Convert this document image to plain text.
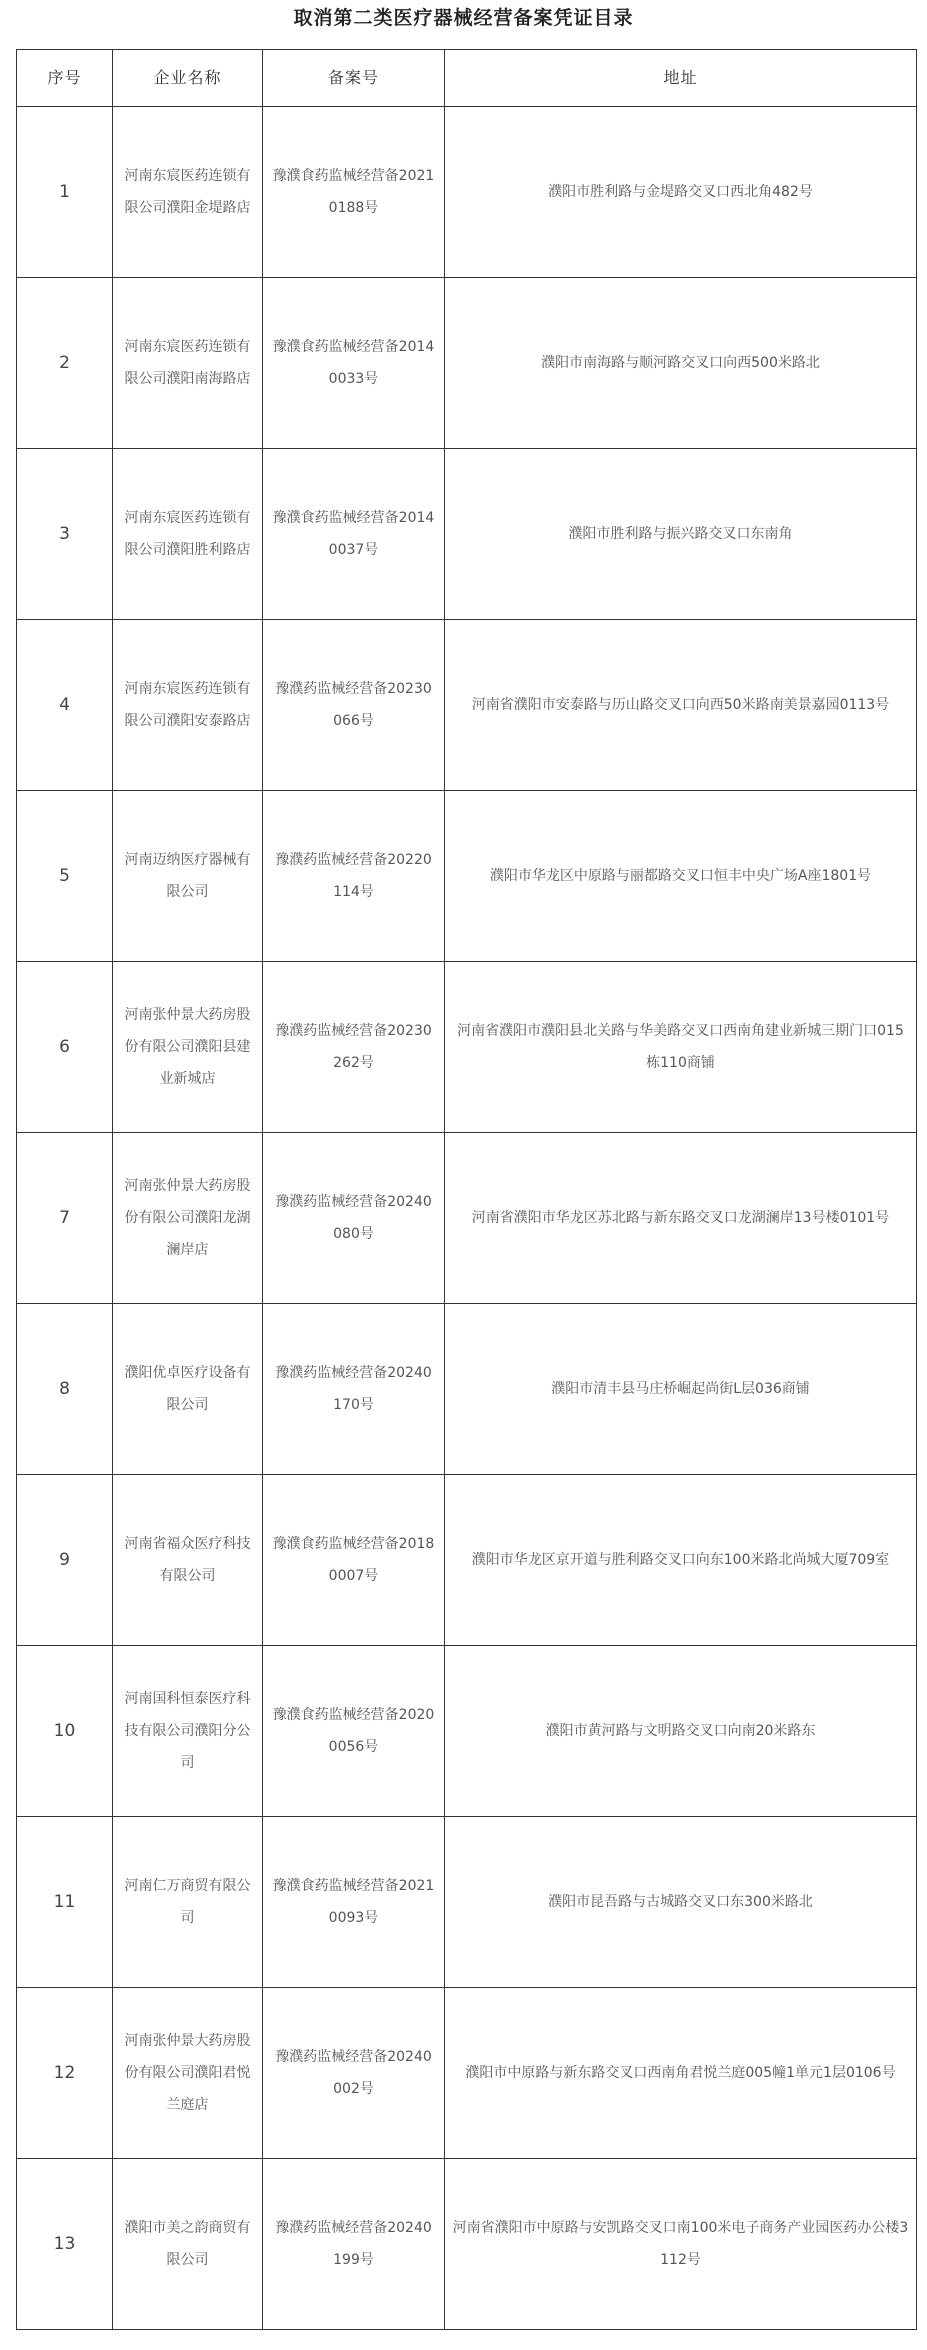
取消第二类医疗器械经营备案凭证目录
序号	企业名称	备案号	地址
1	河南东宸医药连锁有限公司濮阳金堤路店	豫濮食药监械经营备20210188号	濮阳市胜利路与金堤路交叉口西北角482号
2	河南东宸医药连锁有限公司濮阳南海路店	豫濮食药监械经营备20140033号	濮阳市南海路与顺河路交叉口向西500米路北
3	河南东宸医药连锁有限公司濮阳胜利路店	豫濮食药监械经营备20140037号	濮阳市胜利路与振兴路交叉口东南角
4	河南东宸医药连锁有限公司濮阳安泰路店	豫濮药监械经营备20230066号	河南省濮阳市安泰路与历山路交叉口向西50米路南美景嘉园0113号
5	河南迈纳医疗器械有限公司	豫濮药监械经营备20220114号	濮阳市华龙区中原路与丽都路交叉口恒丰中央广场A座1801号
6	河南张仲景大药房股份有限公司濮阳县建业新城店	豫濮药监械经营备20230262号	河南省濮阳市濮阳县北关路与华美路交叉口西南角建业新城三期门口015栋110商铺
7	河南张仲景大药房股份有限公司濮阳龙湖澜岸店	豫濮药监械经营备20240080号	河南省濮阳市华龙区苏北路与新东路交叉口龙湖澜岸13号楼0101号
8	濮阳优卓医疗设备有限公司	豫濮药监械经营备20240170号	濮阳市清丰县马庄桥崛起尚街L层036商铺
9	河南省福众医疗科技有限公司	豫濮食药监械经营备20180007号	濮阳市华龙区京开道与胜利路交叉口向东100米路北尚城大厦709室
10	河南国科恒泰医疗科技有限公司濮阳分公司	豫濮食药监械经营备20200056号	濮阳市黄河路与文明路交叉口向南20米路东
11	河南仁万商贸有限公司	豫濮食药监械经营备20210093号	濮阳市昆吾路与古城路交叉口东300米路北
12	河南张仲景大药房股份有限公司濮阳君悦兰庭店	豫濮药监械经营备20240002号	濮阳市中原路与新东路交叉口西南角君悦兰庭005幢1单元1层0106号
13	濮阳市美之韵商贸有限公司	豫濮药监械经营备20240199号	河南省濮阳市中原路与安凯路交叉口南100米电子商务产业园医药办公楼3112号
